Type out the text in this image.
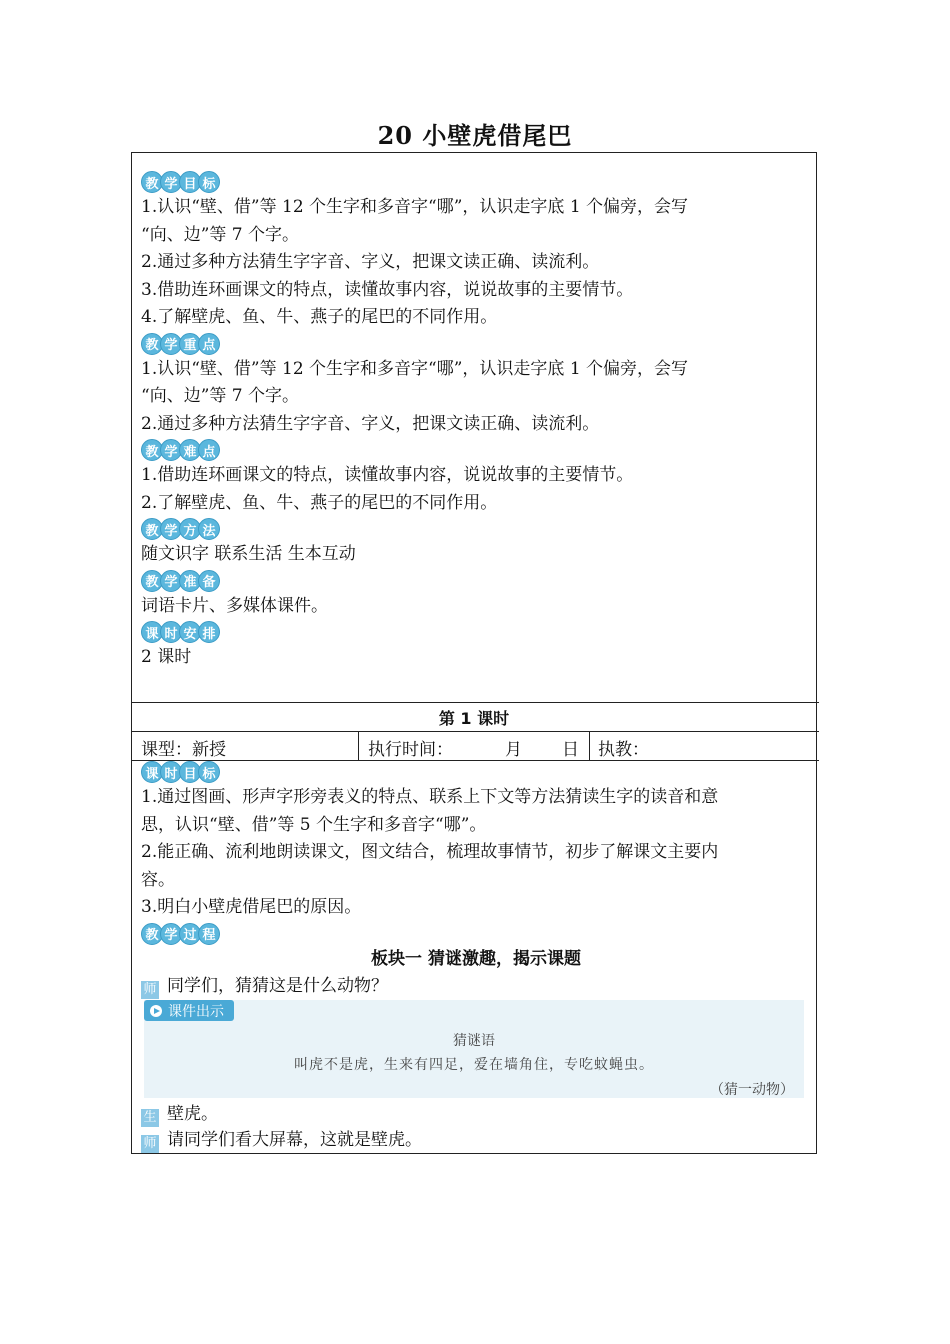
20 小壁虎借尾巴
教 学 目 标
1.认识“壁、借”等 12 个生字和多音字“哪”，认识走字底 1 个偏旁，会写
“向、边”等 7 个字。
2.通过多种方法猜生字字音、字义，把课文读正确、读流利。
3.借助连环画课文的特点，读懂故事内容，说说故事的主要情节。
4.了解壁虎、鱼、牛、燕子的尾巴的不同作用。
教 学 重 点
1.认识“壁、借”等 12 个生字和多音字“哪”，认识走字底 1 个偏旁，会写
“向、边”等 7 个字。
2.通过多种方法猜生字字音、字义，把课文读正确、读流利。
教 学 难 点
1.借助连环画课文的特点，读懂故事内容，说说故事的主要情节。
2.了解壁虎、鱼、牛、燕子的尾巴的不同作用。
教 学 方 法
随文识字 联系生活 生本互动
教 学 准 备
词语卡片、多媒体课件。
课 时 安 排
2 课时
第 1 课时
课型：新授	执行时间：	月 日 执教：
课 时 目 标
1.通过图画、形声字形旁表义的特点、联系上下文等方法猜读生字的读音和意
思，认识“壁、借”等 5 个生字和多音字“哪”。
2.能正确、流利地朗读课文，图文结合，梳理故事情节，初步了解课文主要内
容。
3.明白小壁虎借尾巴的原因。
教 学 过 程
板块一 猜谜激趣，揭示课题
师 同学们，猜猜这是什么动物？
课件出示
猜谜语
叫虎不是虎，生来有四足，爱在墙角住，专吃蚊蝇虫。
（猜一动物）
生 壁虎。
师 请同学们看大屏幕，这就是壁虎。
